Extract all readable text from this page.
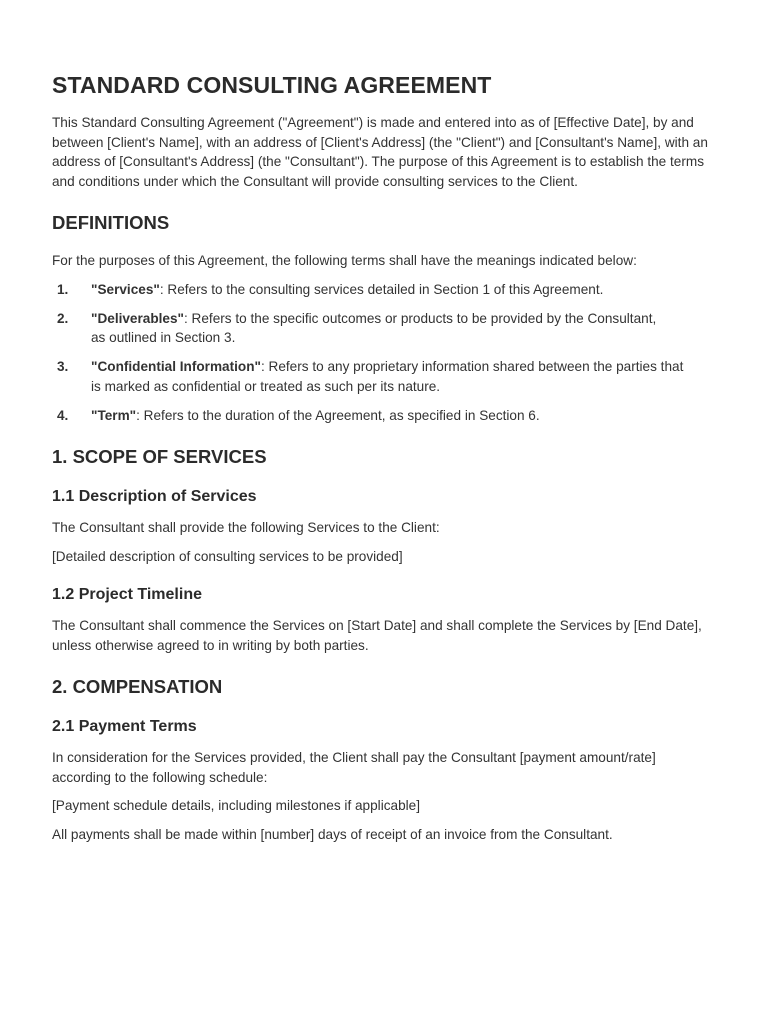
STANDARD CONSULTING AGREEMENT

This Standard Consulting Agreement ("Agreement") is made and entered into as of [Effective Date], by and between [Client's Name], with an address of [Client's Address] (the "Client") and [Consultant's Name], with an address of [Consultant's Address] (the "Consultant"). The purpose of this Agreement is to establish the terms and conditions under which the Consultant will provide consulting services to the Client.

DEFINITIONS

For the purposes of this Agreement, the following terms shall have the meanings indicated below:

1. "Services": Refers to the consulting services detailed in Section 1 of this Agreement.
2. "Deliverables": Refers to the specific outcomes or products to be provided by the Consultant, as outlined in Section 3.
3. "Confidential Information": Refers to any proprietary information shared between the parties that is marked as confidential or treated as such per its nature.
4. "Term": Refers to the duration of the Agreement, as specified in Section 6.
1. SCOPE OF SERVICES
1.1 Description of Services

The Consultant shall provide the following Services to the Client:

[Detailed description of consulting services to be provided]

1.2 Project Timeline

The Consultant shall commence the Services on [Start Date] and shall complete the Services by [End Date], unless otherwise agreed to in writing by both parties.

2. COMPENSATION
2.1 Payment Terms

In consideration for the Services provided, the Client shall pay the Consultant [payment amount/rate] according to the following schedule:

[Payment schedule details, including milestones if applicable]

All payments shall be made within [number] days of receipt of an invoice from the Consultant.
